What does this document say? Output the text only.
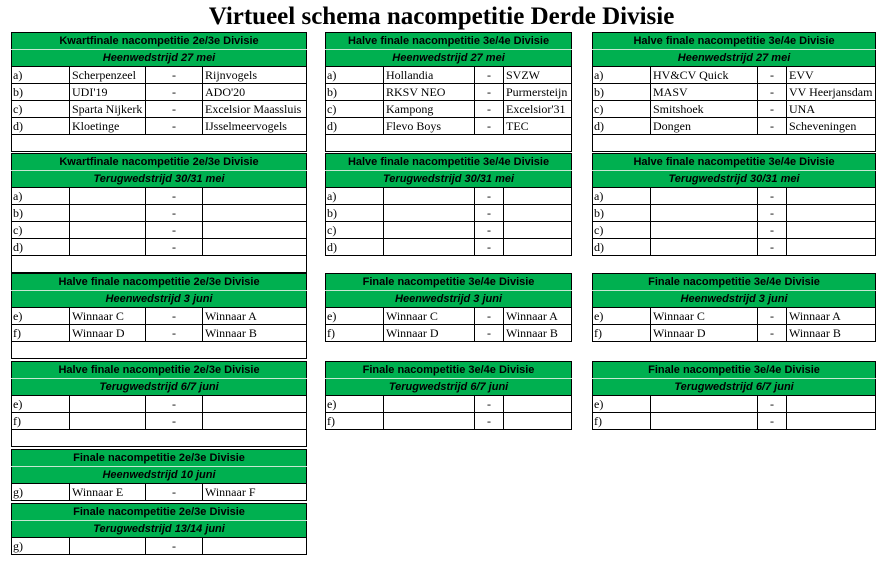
Virtueel schema nacompetitie Derde Divisie
Kwartfinale nacompetitie 2e/3e Divisie			
Heenwedstrijd 27 mei			
a)	Scherpenzeel	-	Rijnvogels
b)	UDI'19	-	ADO'20
c)	Sparta Nijkerk	-	Excelsior Maassluis
d)	Kloetinge	-	IJsselmeervogels

Halve finale nacompetitie 3e/4e Divisie			
Heenwedstrijd 27 mei			
a)	Hollandia	-	SVZW
b)	RKSV NEO	-	Purmersteijn
c)	Kampong	-	Excelsior'31
d)	Flevo Boys	-	TEC

Halve finale nacompetitie 3e/4e Divisie			
Heenwedstrijd 27 mei			
a)	HV&CV Quick	-	EVV
b)	MASV	-	VV Heerjansdam
c)	Smitshoek	-	UNA
d)	Dongen	-	Scheveningen

Kwartfinale nacompetitie 2e/3e Divisie			
Terugwedstrijd 30/31 mei			
a)		-	
b)		-	
c)		-	
d)		-	

Halve finale nacompetitie 3e/4e Divisie			
Terugwedstrijd 30/31 mei			
a)		-	
b)		-	
c)		-	
d)		-	
Halve finale nacompetitie 3e/4e Divisie			
Terugwedstrijd 30/31 mei			
a)		-	
b)		-	
c)		-	
d)		-	
Halve finale nacompetitie 2e/3e Divisie			
Heenwedstrijd 3 juni			
e)	Winnaar C	-	Winnaar A
f)	Winnaar D	-	Winnaar B

Finale nacompetitie 3e/4e Divisie			
Heenwedstrijd 3 juni			
e)	Winnaar C	-	Winnaar A
f)	Winnaar D	-	Winnaar B
Finale nacompetitie 3e/4e Divisie			
Heenwedstrijd 3 juni			
e)	Winnaar C	-	Winnaar A
f)	Winnaar D	-	Winnaar B
Halve finale nacompetitie 2e/3e Divisie			
Terugwedstrijd 6/7 juni			
e)		-	
f)		-	

Finale nacompetitie 3e/4e Divisie			
Terugwedstrijd 6/7 juni			
e)		-	
f)		-	
Finale nacompetitie 3e/4e Divisie			
Terugwedstrijd 6/7 juni			
e)		-	
f)		-	
Finale nacompetitie 2e/3e Divisie
Heenwedstrijd 10 juni
g)	Winnaar E	-	Winnaar F
Finale nacompetitie 2e/3e Divisie
Terugwedstrijd 13/14 juni
g)		-	
